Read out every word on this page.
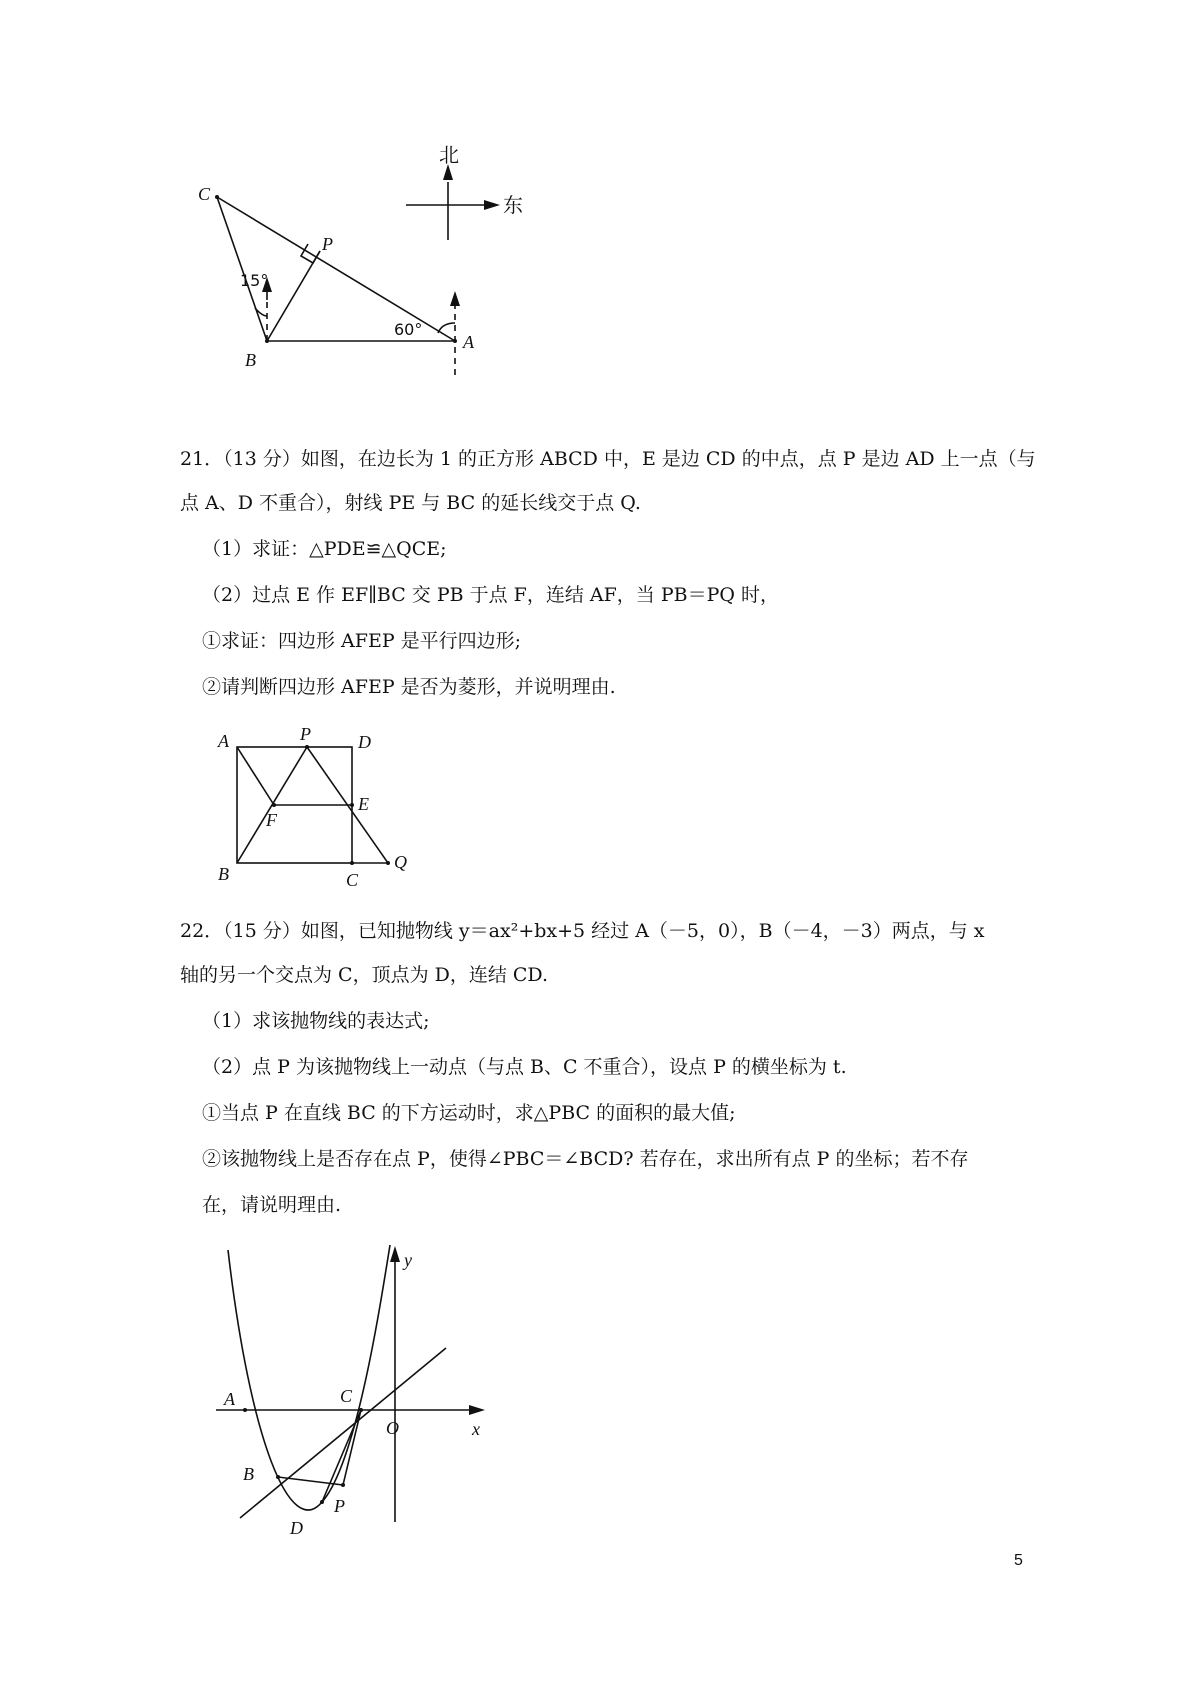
北
东
C
P
B
A
15°
60°
21．（13 分）如图，在边长为 1 的正方形 ABCD 中，E 是边 CD 的中点，点 P 是边 AD 上一点（与
点 A、D 不重合），射线 PE 与 BC 的延长线交于点 Q.
（1）求证：△PDE≌△QCE;
（2）过点 E 作 EF∥BC 交 PB 于点 F，连结 AF，当 PB＝PQ 时，
①求证：四边形 AFEP 是平行四边形;
②请判断四边形 AFEP 是否为菱形，并说明理由.
A	P	D
E
F
B	C
Q
22．（15 分）如图，已知抛物线 y＝ax²+bx+5 经过 A（－5，0），B（－4，－3）两点，与 x
轴的另一个交点为 C，顶点为 D，连结 CD.
（1）求该抛物线的表达式;
（2）点 P 为该抛物线上一动点（与点 B、C 不重合），设点 P 的横坐标为 t.
①当点 P 在直线 BC 的下方运动时，求△PBC 的面积的最大值;
②该抛物线上是否存在点 P，使得∠PBC＝∠BCD? 若存在，求出所有点 P 的坐标；若不存
在，请说明理由.
y
x
O
A	C
B
P
D
5
